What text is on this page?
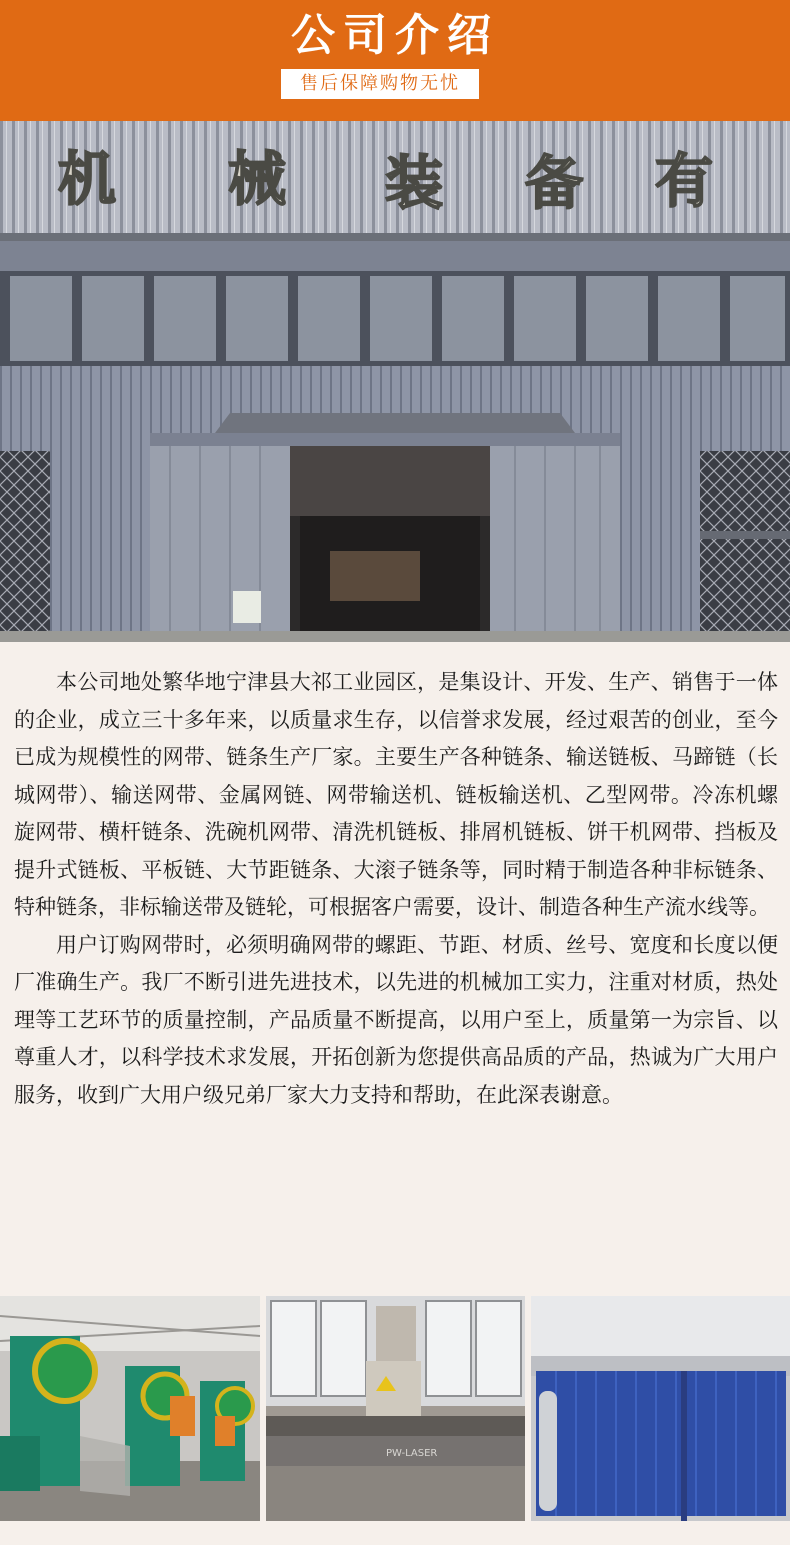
公司介绍
售后保障购物无忧
机 械 装 备 有

本公司地处繁华地宁津县大祁工业园区，是集设计、开发、生产、销售于一体的企业，成立三十多年来，以质量求生存，以信誉求发展，经过艰苦的创业，至今已成为规模性的网带、链条生产厂家。主要生产各种链条、输送链板、马蹄链（长城网带）、输送网带、金属网链、网带输送机、链板输送机、乙型网带。冷冻机螺旋网带、横杆链条、洗碗机网带、清洗机链板、排屑机链板、饼干机网带、挡板及提升式链板、平板链、大节距链条、大滚子链条等，同时精于制造各种非标链条、特种链条，非标输送带及链轮，可根据客户需要，设计、制造各种生产流水线等。

用户订购网带时，必须明确网带的螺距、节距、材质、丝号、宽度和长度以便厂准确生产。我厂不断引进先进技术，以先进的机械加工实力，注重对材质，热处理等工艺环节的质量控制，产品质量不断提高，以用户至上，质量第一为宗旨、以尊重人才，以科学技术求发展，开拓创新为您提供高品质的产品，热诚为广大用户服务，收到广大用户级兄弟厂家大力支持和帮助，在此深表谢意。

PW-LASER
